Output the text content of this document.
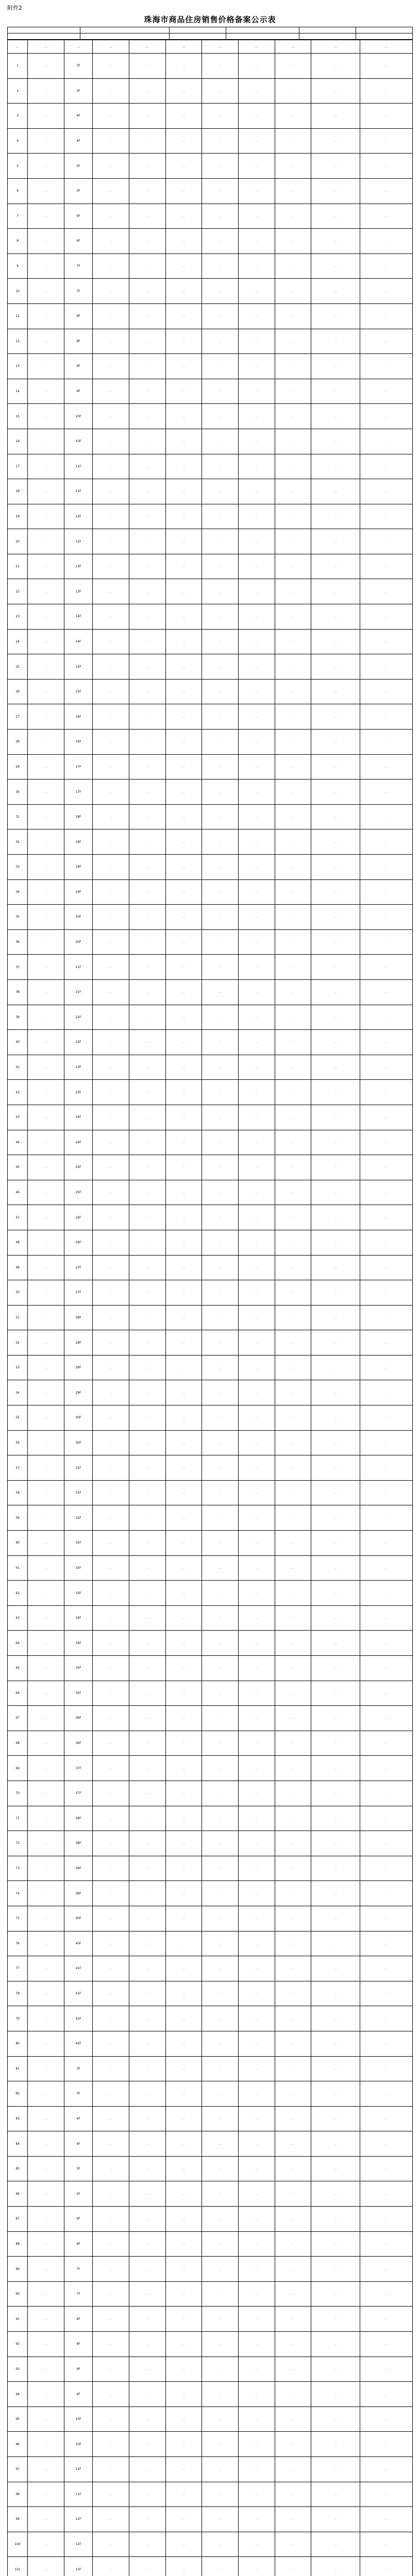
附件2
珠海市商品住房销售价格备案公示表
…	…	…	…	…	…
…	…	…	…	…	…
…	…	…	…	…	…	…	…	…	…	…
1	…	3F	…	…	…	…	…	…	…	…
2	…	3F	…	…	…	…	…	…	…	…
3	…	4F	…	…	…	…	…	…	…	…
4	…	4F	…	…	…	…	…	…	…	…
5	…	5F	…	…	…	…	…	…	…	…
6	…	5F	…	…	…	…	…	…	…	…
7	…	6F	…	…	…	…	…	…	…	…
8	…	6F	…	…	…	…	…	…	…	…
9	…	7F	…	…	…	…	…	…	…	…
10	…	7F	…	…	…	…	…	…	…	…
11	…	8F	…	…	…	…	…	…	…	…
12	…	8F	…	…	…	…	…	…	…	…
13	…	9F	…	…	…	…	…	…	…	…
14	…	9F	…	…	…	…	…	…	…	…
15	…	10F	…	…	…	…	…	…	…	…
16	…	10F	…	…	…	…	…	…	…	…
17	…	11F	…	…	…	…	…	…	…	…
18	…	11F	…	…	…	…	…	…	…	…
19	…	12F	…	…	…	…	…	…	…	…
20	…	12F	…	…	…	…	…	…	…	…
21	…	13F	…	…	…	…	…	…	…	…
22	…	13F	…	…	…	…	…	…	…	…
23	…	14F	…	…	…	…	…	…	…	…
24	…	14F	…	…	…	…	…	…	…	…
25	…	15F	…	…	…	…	…	…	…	…
26	…	15F	…	…	…	…	…	…	…	…
27	…	16F	…	…	…	…	…	…	…	…
28	…	16F	…	…	…	…	…	…	…	…
29	…	17F	…	…	…	…	…	…	…	…
30	…	17F	…	…	…	…	…	…	…	…
31	…	18F	…	…	…	…	…	…	…	…
32	…	18F	…	…	…	…	…	…	…	…
33	…	19F	…	…	…	…	…	…	…	…
34	…	19F	…	…	…	…	…	…	…	…
35	…	20F	…	…	…	…	…	…	…	…
36	…	20F	…	…	…	…	…	…	…	…
37	…	21F	…	…	…	…	…	…	…	…
38	…	21F	…	…	…	…	…	…	…	…
39	…	22F	…	…	…	…	…	…	…	…
40	…	22F	…	…	…	…	…	…	…	…
41	…	23F	…	…	…	…	…	…	…	…
42	…	23F	…	…	…	…	…	…	…	…
43	…	24F	…	…	…	…	…	…	…	…
44	…	24F	…	…	…	…	…	…	…	…
45	…	25F	…	…	…	…	…	…	…	…
46	…	25F	…	…	…	…	…	…	…	…
47	…	26F	…	…	…	…	…	…	…	…
48	…	26F	…	…	…	…	…	…	…	…
49	…	27F	…	…	…	…	…	…	…	…
50	…	27F	…	…	…	…	…	…	…	…
51	…	28F	…	…	…	…	…	…	…	…
52	…	28F	…	…	…	…	…	…	…	…
53	…	29F	…	…	…	…	…	…	…	…
54	…	29F	…	…	…	…	…	…	…	…
55	…	30F	…	…	…	…	…	…	…	…
56	…	30F	…	…	…	…	…	…	…	…
57	…	31F	…	…	…	…	…	…	…	…
58	…	31F	…	…	…	…	…	…	…	…
59	…	32F	…	…	…	…	…	…	…	…
60	…	32F	…	…	…	…	…	…	…	…
61	…	33F	…	…	…	…	…	…	…	…
62	…	33F	…	…	…	…	…	…	…	…
63	…	34F	…	…	…	…	…	…	…	…
64	…	34F	…	…	…	…	…	…	…	…
65	…	35F	…	…	…	…	…	…	…	…
66	…	35F	…	…	…	…	…	…	…	…
67	…	36F	…	…	…	…	…	…	…	…
68	…	36F	…	…	…	…	…	…	…	…
69	…	37F	…	…	…	…	…	…	…	…
70	…	37F	…	…	…	…	…	…	…	…
71	…	38F	…	…	…	…	…	…	…	…
72	…	38F	…	…	…	…	…	…	…	…
73	…	39F	…	…	…	…	…	…	…	…
74	…	39F	…	…	…	…	…	…	…	…
75	…	40F	…	…	…	…	…	…	…	…
76	…	40F	…	…	…	…	…	…	…	…
77	…	41F	…	…	…	…	…	…	…	…
78	…	41F	…	…	…	…	…	…	…	…
79	…	42F	…	…	…	…	…	…	…	…
80	…	42F	…	…	…	…	…	…	…	…
81	…	3F	…	…	…	…	…	…	…	…
82	…	3F	…	…	…	…	…	…	…	…
83	…	4F	…	…	…	…	…	…	…	…
84	…	4F	…	…	…	…	…	…	…	…
85	…	5F	…	…	…	…	…	…	…	…
86	…	5F	…	…	…	…	…	…	…	…
87	…	6F	…	…	…	…	…	…	…	…
88	…	6F	…	…	…	…	…	…	…	…
89	…	7F	…	…	…	…	…	…	…	…
90	…	7F	…	…	…	…	…	…	…	…
91	…	8F	…	…	…	…	…	…	…	…
92	…	8F	…	…	…	…	…	…	…	…
93	…	9F	…	…	…	…	…	…	…	…
94	…	9F	…	…	…	…	…	…	…	…
95	…	10F	…	…	…	…	…	…	…	…
96	…	10F	…	…	…	…	…	…	…	…
97	…	11F	…	…	…	…	…	…	…	…
98	…	11F	…	…	…	…	…	…	…	…
99	…	12F	…	…	…	…	…	…	…	…
100	…	12F	…	…	…	…	…	…	…	…
101	…	13F	…	…	…	…	…	…	…	…
